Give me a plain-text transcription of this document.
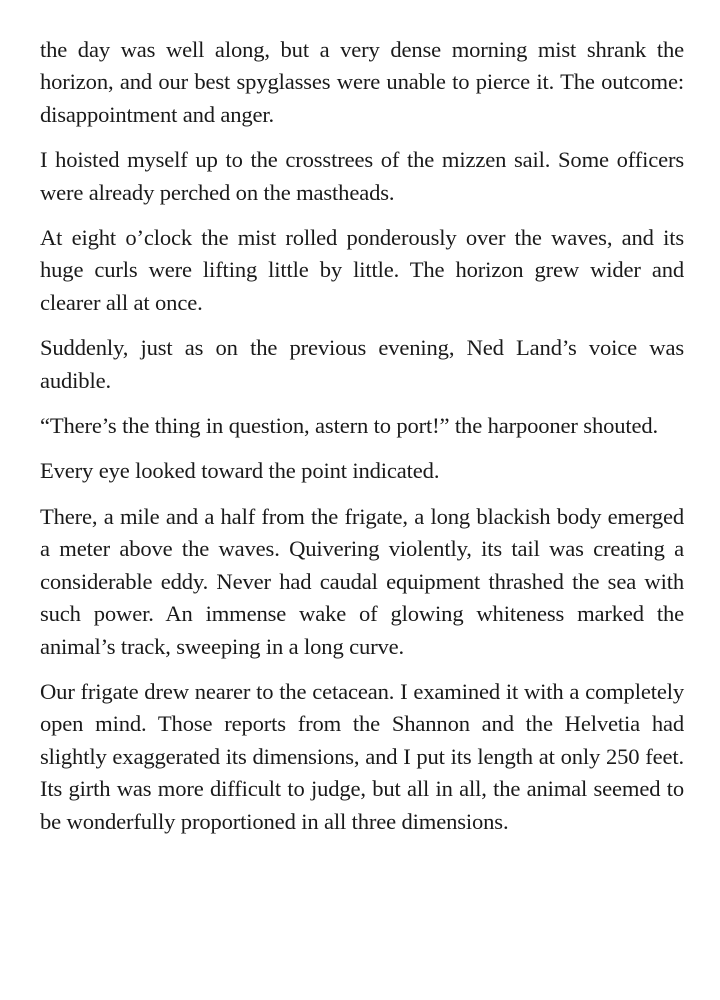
the day was well along, but a very dense morning mist shrank the horizon, and our best spyglasses were unable to pierce it. The outcome: disappointment and anger.

I hoisted myself up to the crosstrees of the mizzen sail. Some officers were already perched on the mastheads.

At eight o’clock the mist rolled ponderously over the waves, and its huge curls were lifting little by little. The horizon grew wider and clearer all at once.

Suddenly, just as on the previous evening, Ned Land’s voice was audible.

“There’s the thing in question, astern to port!” the harpooner shouted.

Every eye looked toward the point indicated.

There, a mile and a half from the frigate, a long blackish body emerged a meter above the waves. Quivering violently, its tail was creating a considerable eddy. Never had caudal equipment thrashed the sea with such power. An immense wake of glowing whiteness marked the animal’s track, sweeping in a long curve.

Our frigate drew nearer to the cetacean. I examined it with a completely open mind. Those reports from the Shannon and the Helvetia had slightly exaggerated its dimensions, and I put its length at only 250 feet. Its girth was more difficult to judge, but all in all, the animal seemed to be wonderfully proportioned in all three dimensions.
